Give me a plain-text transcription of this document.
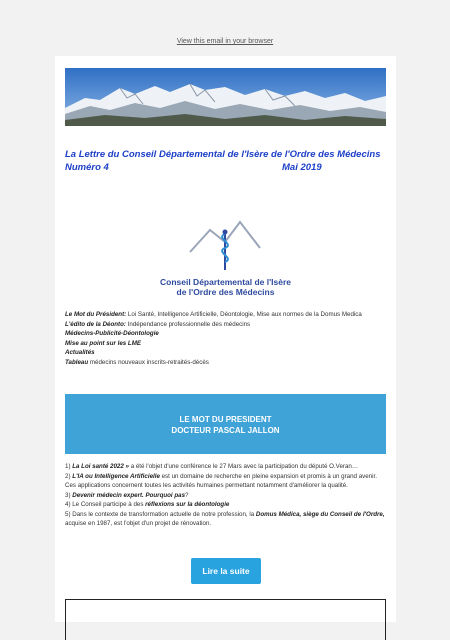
View this email in your browser
La Lettre du Conseil Départemental de l'Isère de l'Ordre des Médecins
Numéro 4	Mai 2019
Conseil Départemental de l'Isère
de l'Ordre des Médecins
Le Mot du Président: Loi Santé, Intelligence Artificielle, Déontologie, Mise aux normes de la Domus Medica
L'édito de la Déonto: Indépendance professionnelle des médecins
Médecins-Publicité-Déontologie
Mise au point sur les LME
Actualités
Tableau médecins nouveaux inscrits-retraités-décès
LE MOT DU PRESIDENT
DOCTEUR PASCAL JALLON
1) La Loi santé 2022 » a été l'objet d'une conférence le 27 Mars avec la participation du député O.Veran…
2) L'IA ou Intelligence Artificielle est un domaine de recherche en pleine expansion et promis à un grand avenir. Ces applications concernent toutes les activités humaines permettant notamment d'améliorer la qualité.
3) Devenir médecin expert. Pourquoi pas?
4) Le Conseil participe à des réflexions sur la déontologie
5) Dans le contexte de transformation actuelle de notre profession, la Domus Médica, siège du Conseil de l'Ordre, acquise en 1987, est l'objet d'un projet de rénovation.
Lire la suite
